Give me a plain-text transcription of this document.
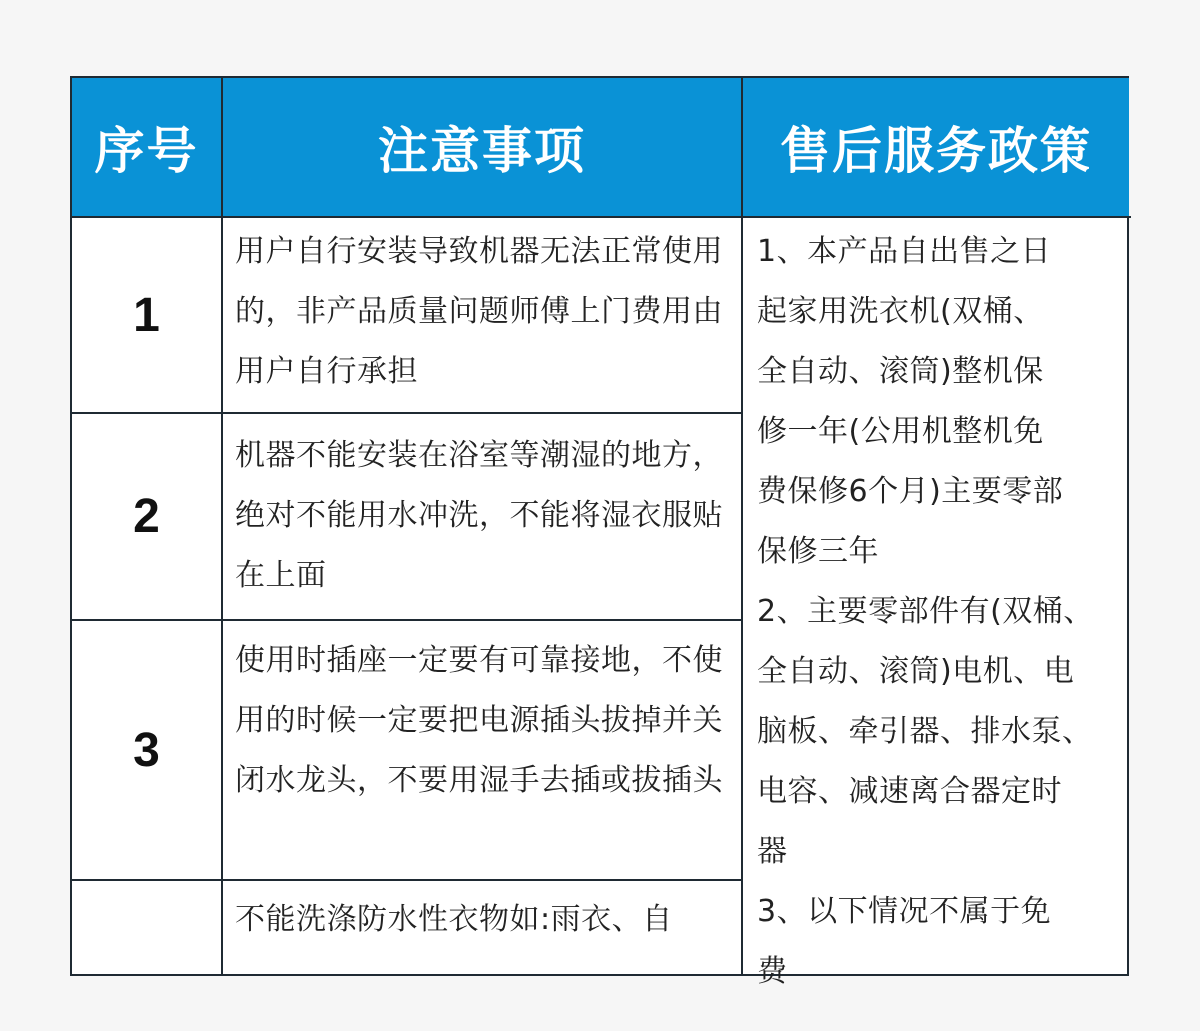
序号	注意事项	售后服务政策
1
用户自行安装导致机器无法正常使用的，非产品质量问题师傅上门费用由用户自行承担
2
机器不能安装在浴室等潮湿的地方，绝对不能用水冲洗，不能将湿衣服贴在上面
3
使用时插座一定要有可靠接地，不使用的时候一定要把电源插头拔掉并关闭水龙头，不要用湿手去插或拔插头
不能洗涤防水性衣物如:雨衣、自
1、本产品自出售之日
起家用洗衣机(双桶、
全自动、滚筒)整机保
修一年(公用机整机免
费保修6个月)主要零部
保修三年
2、主要零部件有(双桶、
全自动、滚筒)电机、电
脑板、牵引器、排水泵、
电容、减速离合器定时
器
3、以下情况不属于免
费
